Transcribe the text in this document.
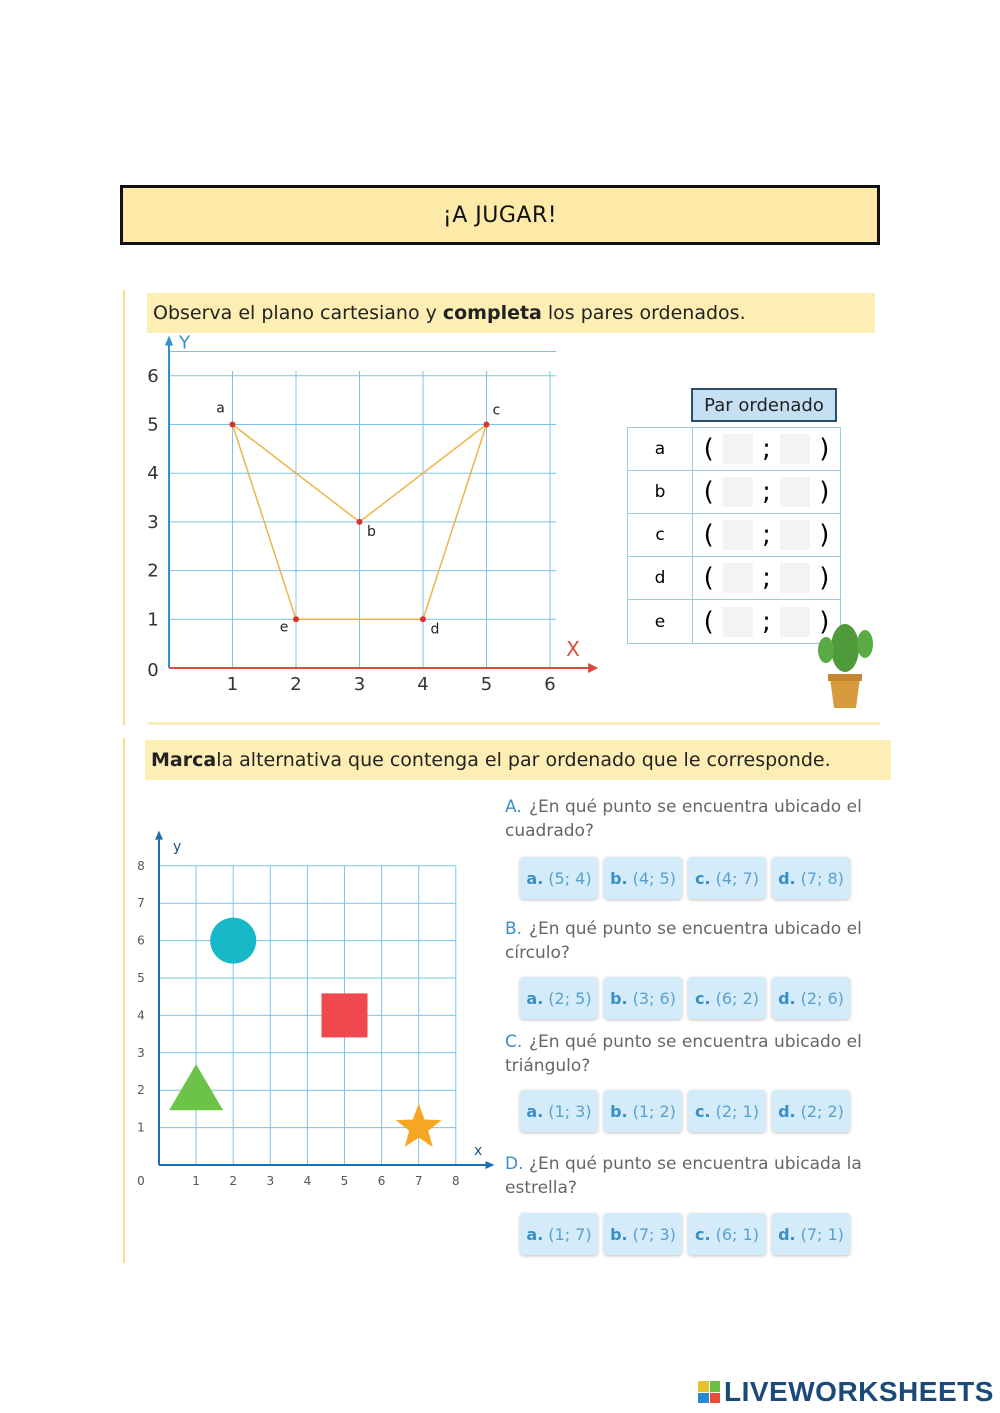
¡A JUGAR!
Observa el plano cartesiano y completa los pares ordenados.
X
Y
1	2	3	4	5	6
0
1
2
3
4
5
6
a
b
c
d
e
Par ordenado
a	( ; )
b	( ; )
c	( ; )
d	( ; )
e	( ; )
Marca la alternativa que contenga el par ordenado que le corresponde.
x
y
0	1 2 3 4 5 6 7 8
1
2
3
4
5
6
7
8
A. ¿En qué punto se encuentra ubicado el cuadrado?
a. (5; 4) b. (4; 5) c. (4; 7) d. (7; 8)
B. ¿En qué punto se encuentra ubicado el círculo?
a. (2; 5) b. (3; 6) c. (6; 2) d. (2; 6)
C. ¿En qué punto se encuentra ubicado el triángulo?
a. (1; 3) b. (1; 2) c. (2; 1) d. (2; 2)
D. ¿En qué punto se encuentra ubicada la estrella?
a. (1; 7) b. (7; 3) c. (6; 1) d. (7; 1)
LIVEWORKSHEETS
